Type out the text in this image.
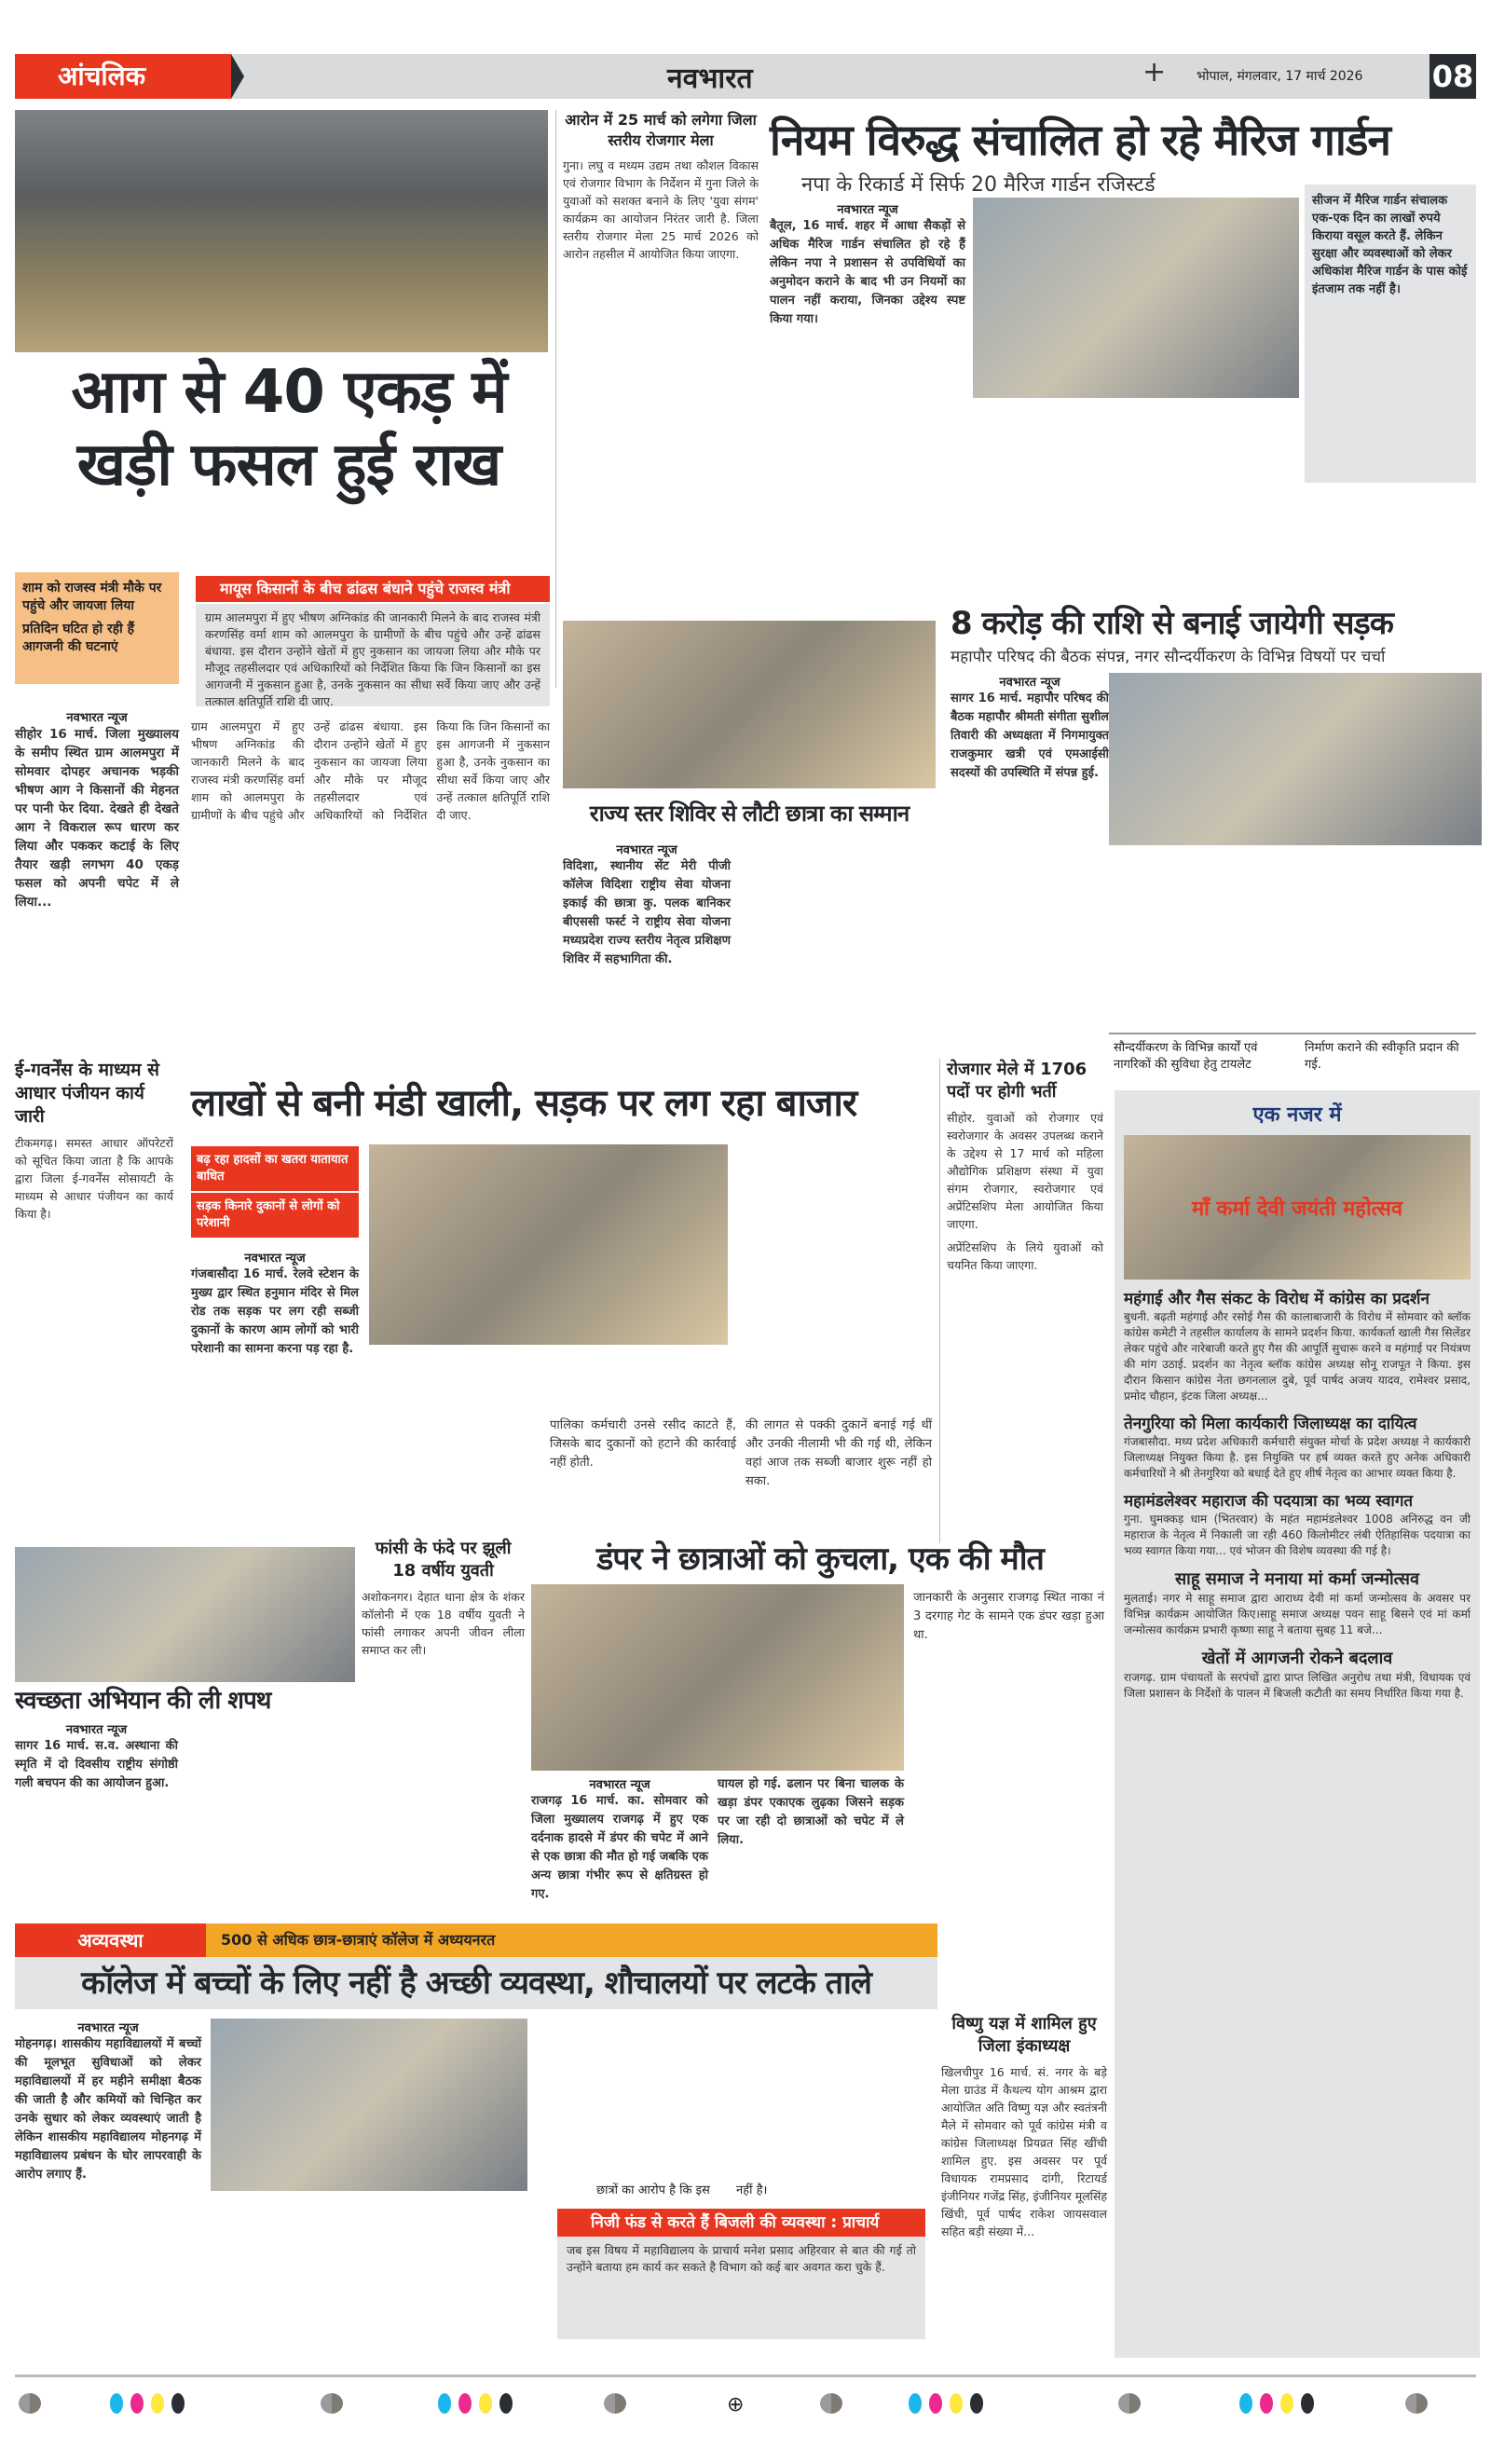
आंचलिक	नवभारत	+ भोपाल, मंगलवार, 17 मार्च 2026 08
आग से 40 एकड़ में खड़ी फसल हुई राख
शाम को राजस्व मंत्री मौके पर पहुंचे और जायजा लिया
प्रतिदिन घटित हो रही हैं आगजनी की घटनाएं
मायूस किसानों के बीच ढांढस बंधाने पहुंचे राजस्व मंत्री
ग्राम आलमपुरा में हुए भीषण अग्निकांड की जानकारी मिलने के बाद राजस्व मंत्री करणसिंह वर्मा शाम को आलमपुरा के ग्रामीणों के बीच पहुंचे और उन्हें ढांढस बंधाया. इस दौरान उन्होंने खेतों में हुए नुकसान का जायजा लिया और मौके पर मौजूद तहसीलदार एवं अधिकारियों को निर्देशित किया कि जिन किसानों का इस आगजनी में नुकसान हुआ है, उनके नुकसान का सीधा सर्वे किया जाए और उन्हें तत्काल क्षतिपूर्ति राशि दी जाए.
नवभारत न्यूज
सीहोर 16 मार्च. जिला मुख्यालय के समीप स्थित ग्राम आलमपुरा में सोमवार दोपहर अचानक भड़की भीषण आग ने किसानों की मेहनत पर पानी फेर दिया. देखते ही देखते आग ने विकराल रूप धारण कर लिया और पककर कटाई के लिए तैयार खड़ी लगभग 40 एकड़ फसल को अपनी चपेट में ले लिया...
ग्राम आलमपुरा में हुए भीषण अग्निकांड की जानकारी मिलने के बाद राजस्व मंत्री करणसिंह वर्मा शाम को आलमपुरा के ग्रामीणों के बीच पहुंचे और उन्हें ढांढस बंधाया. इस दौरान उन्होंने खेतों में हुए नुकसान का जायजा लिया और मौके पर मौजूद तहसीलदार एवं अधिकारियों को निर्देशित किया कि जिन किसानों का इस आगजनी में नुकसान हुआ है, उनके नुकसान का सीधा सर्वे किया जाए और उन्हें तत्काल क्षतिपूर्ति राशि दी जाए.
आरोन में 25 मार्च को लगेगा जिला स्तरीय रोजगार मेला
गुना। लघु व मध्यम उद्यम तथा कौशल विकास एवं रोजगार विभाग के निर्देशन में गुना जिले के युवाओं को सशक्त बनाने के लिए 'युवा संगम' कार्यक्रम का आयोजन निरंतर जारी है. जिला स्तरीय रोजगार मेला 25 मार्च 2026 को आरोन तहसील में आयोजित किया जाएगा.
नियम विरुद्ध संचालित हो रहे मैरिज गार्डन
नपा के रिकार्ड में सिर्फ 20 मैरिज गार्डन रजिस्टर्ड
नवभारत न्यूज
बैतूल, 16 मार्च. शहर में आधा सैकड़ों से अधिक मैरिज गार्डन संचालित हो रहे हैं लेकिन नपा ने प्रशासन से उपविधियों का अनुमोदन कराने के बाद भी उन नियमों का पालन नहीं कराया, जिनका उद्देश्य स्पष्ट किया गया।
सीजन में मैरिज गार्डन संचालक एक-एक दिन का लाखों रुपये किराया वसूल करते हैं. लेकिन सुरक्षा और व्यवस्थाओं को लेकर अधिकांश मैरिज गार्डन के पास कोई इंतजाम तक नहीं है।
8 करोड़ की राशि से बनाई जायेगी सड़क
महापौर परिषद की बैठक संपन्न, नगर सौन्दर्यीकरण के विभिन्न विषयों पर चर्चा
नवभारत न्यूज
सागर 16 मार्च. महापौर परिषद की बैठक महापौर श्रीमती संगीता सुशील तिवारी की अध्यक्षता में निगमायुक्त राजकुमार खत्री एवं एमआईसी सदस्यों की उपस्थिति में संपन्न हुई.
सौन्दर्यीकरण के विभिन्न कार्यों एवं नागरिकों की सुविधा हेतु टायलेट
निर्माण कराने की स्वीकृति प्रदान की गई.
राज्य स्तर शिविर से लौटी छात्रा का सम्मान
नवभारत न्यूज
विदिशा, स्थानीय सेंट मेरी पीजी कॉलेज विदिशा राष्ट्रीय सेवा योजना इकाई की छात्रा कु. पलक बानिकर बीएससी फर्स्ट ने राष्ट्रीय सेवा योजना मध्यप्रदेश राज्य स्तरीय नेतृत्व प्रशिक्षण शिविर में सहभागिता की.
ई-गवर्नेंस के माध्यम से आधार पंजीयन कार्य जारी
टीकमगढ़। समस्त आधार ऑपरेटरों को सूचित किया जाता है कि आपके द्वारा जिला ई-गवर्नेंस सोसायटी के माध्यम से आधार पंजीयन का कार्य किया है।
लाखों से बनी मंडी खाली, सड़क पर लग रहा बाजार
बढ़ रहा हादसों का खतरा यातायात बाधित
सड़क किनारे दुकानों से लोगों को परेशानी
नवभारत न्यूज
गंजबासौदा 16 मार्च. रेलवे स्टेशन के मुख्य द्वार स्थित हनुमान मंदिर से मिल रोड तक सड़क पर लग रही सब्जी दुकानों के कारण आम लोगों को भारी परेशानी का सामना करना पड़ रहा है.
पालिका कर्मचारी उनसे रसीद काटते हैं, जिसके बाद दुकानों को हटाने की कार्रवाई नहीं होती.
की लागत से पक्की दुकानें बनाई गई थीं और उनकी नीलामी भी की गई थी, लेकिन वहां आज तक सब्जी बाजार शुरू नहीं हो सका.
रोजगार मेले में 1706 पदों पर होगी भर्ती
सीहोर. युवाओं को रोजगार एवं स्वरोजगार के अवसर उपलब्ध कराने के उद्देश्य से 17 मार्च को महिला औद्योगिक प्रशिक्षण संस्था में युवा संगम रोजगार, स्वरोजगार एवं अप्रेंटिसशिप मेला आयोजित किया जाएगा.
अप्रेंटिसशिप के लिये युवाओं को चयनित किया जाएगा.
एक नजर में
माँ कर्मा देवी जयंती महोत्सव
महंगाई और गैस संकट के विरोध में कांग्रेस का प्रदर्शन
बुधनी. बढ़ती महंगाई और रसोई गैस की कालाबाजारी के विरोध में सोमवार को ब्लॉक कांग्रेस कमेटी ने तहसील कार्यालय के सामने प्रदर्शन किया. कार्यकर्ता खाली गैस सिलेंडर लेकर पहुंचे और नारेबाजी करते हुए गैस की आपूर्ति सुचारू करने व महंगाई पर नियंत्रण की मांग उठाई. प्रदर्शन का नेतृत्व ब्लॉक कांग्रेस अध्यक्ष सोनू राजपूत ने किया. इस दौरान किसान कांग्रेस नेता छगनलाल दुबे, पूर्व पार्षद अजय यादव, रामेश्वर प्रसाद, प्रमोद चौहान, इंटक जिला अध्यक्ष...
तेनगुरिया को मिला कार्यकारी जिलाध्यक्ष का दायित्व
गंजबासौदा. मध्य प्रदेश अधिकारी कर्मचारी संयुक्त मोर्चा के प्रदेश अध्यक्ष ने कार्यकारी जिलाध्यक्ष नियुक्त किया है. इस नियुक्ति पर हर्ष व्यक्त करते हुए अनेक अधिकारी कर्मचारियों ने श्री तेनगुरिया को बधाई देते हुए शीर्ष नेतृत्व का आभार व्यक्त किया है.
महामंडलेश्वर महाराज की पदयात्रा का भव्य स्वागत
गुना. घुमक्कड़ धाम (भितरवार) के महंत महामंडलेश्वर 1008 अनिरुद्ध वन जी महाराज के नेतृत्व में निकाली जा रही 460 किलोमीटर लंबी ऐतिहासिक पदयात्रा का भव्य स्वागत किया गया... एवं भोजन की विशेष व्यवस्था की गई है।
साहू समाज ने मनाया मां कर्मा जन्मोत्सव
मुलताई। नगर मे साहू समाज द्वारा आराध्य देवी मां कर्मा जन्मोत्सव के अवसर पर विभिन्न कार्यक्रम आयोजित किए।साहू समाज अध्यक्ष पवन साहू बिसने एवं मां कर्मा जन्मोत्सव कार्यक्रम प्रभारी कृष्णा साहू ने बताया सुबह 11 बजे...
खेतों में आगजनी रोकने बदलाव
राजगढ़. ग्राम पंचायतों के सरपंचों द्वारा प्राप्त लिखित अनुरोध तथा मंत्री, विधायक एवं जिला प्रशासन के निर्देशों के पालन में बिजली कटौती का समय निर्धारित किया गया है.
स्वच्छता अभियान की ली शपथ
नवभारत न्यूज
सागर 16 मार्च. स.व. अस्थाना की स्मृति में दो दिवसीय राष्ट्रीय संगोष्ठी गली बचपन की का आयोजन हुआ.
फांसी के फंदे पर झूली 18 वर्षीय युवती
अशोकनगर। देहात थाना क्षेत्र के शंकर कॉलोनी में एक 18 वर्षीय युवती ने फांसी लगाकर अपनी जीवन लीला समाप्त कर ली।
डंपर ने छात्राओं को कुचला, एक की मौत
नवभारत न्यूज
राजगढ़ 16 मार्च. का. सोमवार को जिला मुख्यालय राजगढ़ में हुए एक दर्दनाक हादसे में डंपर की चपेट में आने से एक छात्रा की मौत हो गई जबकि एक अन्य छात्रा गंभीर रूप से क्षतिग्रस्त हो गए.
घायल हो गई. ढलान पर बिना चालक के खड़ा डंपर एकाएक लुढ़का जिसने सड़क पर जा रही दो छात्राओं को चपेट में ले लिया.
जानकारी के अनुसार राजगढ़ स्थित नाका नं 3 दरगाह गेट के सामने एक डंपर खड़ा हुआ था.
अव्यवस्था	500 से अधिक छात्र-छात्राएं कॉलेज में अध्ययनरत
कॉलेज में बच्चों के लिए नहीं है अच्छी व्यवस्था, शौचालयों पर लटके ताले
नवभारत न्यूज
मोहनगढ़। शासकीय महाविद्यालयों में बच्चों की मूलभूत सुविधाओं को लेकर महाविद्यालयों में हर महीने समीक्षा बैठक की जाती है और कमियों को चिन्हित कर उनके सुधार को लेकर व्यवस्थाएं जाती है लेकिन शासकीय महाविद्यालय मोहनगढ़ में महाविद्यालय प्रबंधन के घोर लापरवाही के आरोप लगाए हैं.
छात्रों का आरोप है कि इस नहीं है।
निजी फंड से करते हैं बिजली की व्यवस्था : प्राचार्य
जब इस विषय में महाविद्यालय के प्राचार्य मनेश प्रसाद अहिरवार से बात की गई तो उन्होंने बताया हम कार्य कर सकते है विभाग को कई बार अवगत करा चुके हैं.
विष्णु यज्ञ में शामिल हुए जिला इंकाध्यक्ष
खिलचीपुर 16 मार्च. सं. नगर के बड़े मेला ग्राउंड में कैथल्य योग आश्रम द्वारा आयोजित अति विष्णु यज्ञ और स्वतंत्रनी मैले में सोमवार को पूर्व कांग्रेस मंत्री व कांग्रेस जिलाध्यक्ष प्रियव्रत सिंह खींची शामिल हुए. इस अवसर पर पूर्व विधायक रामप्रसाद दांगी, रिटायर्ड इंजीनियर गजेंद्र सिंह, इंजीनियर मूलसिंह खिंची, पूर्व पार्षद राकेश जायसवाल सहित बड़ी संख्या में...
⊕
